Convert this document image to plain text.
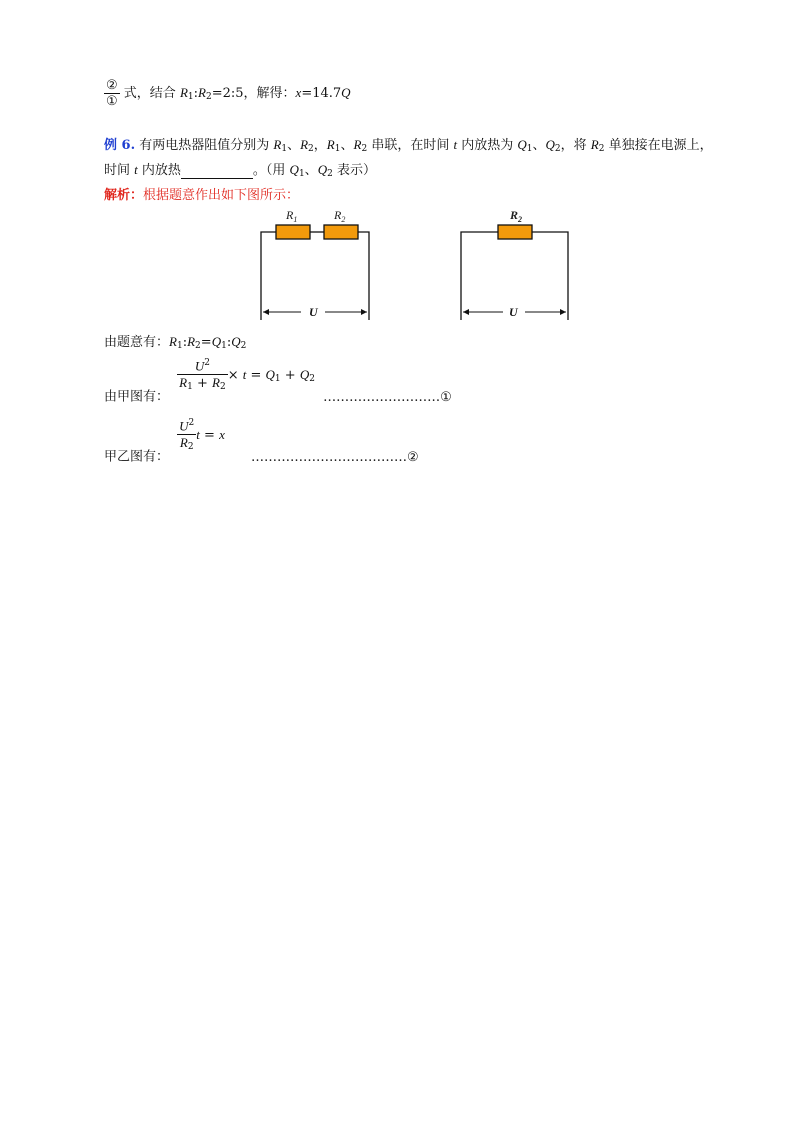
$\frac{\text{②}}{\text{①}}$ 式，结合 $R_1:R_2=2:5$，解得：x=14.7Q
例 6. 有两电热器阻值分别为 $R_1$、$R_2$，$R_1$、$R_2$ 串联，在时间 t 内放热为 $Q_1$、$Q_2$，将 $R_2$ 单独接在电源上，
时间 t 内放热	。（用 $Q_1$、$Q_2$ 表示）
解析：根据题意作出如下图所示：
$R_1$	$R_2$
U
$R_2$
U
由题意有：$R_1:R_2=Q_1:Q_2$
由甲图有：
$\frac{U^2}{R_1 + R_2} \times t = Q_1 + Q_2$ ………………………①
甲乙图有：
$\frac{U^2}{R_2}$ t = x ………………………………②
